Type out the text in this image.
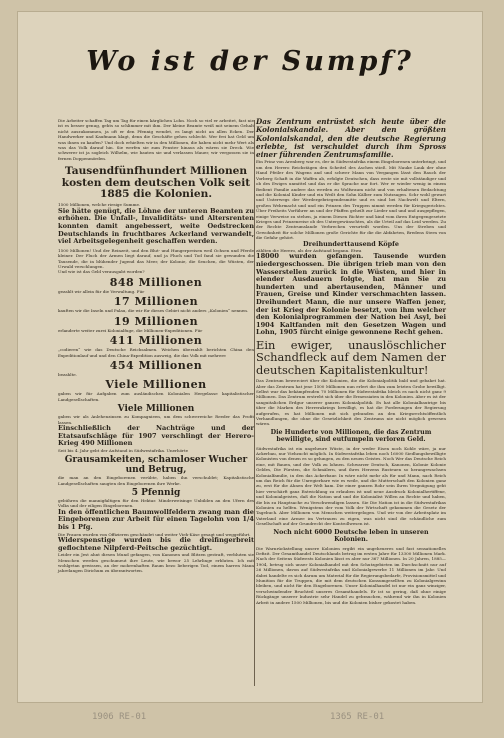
Wo ist der Sumpf?

Die Arbeiter schaffen Tag um Tag für einen kärglichen Lohn. Noch so viel er arbeitet, fast nie ist es besser genug, gehts so schlimmer mit ihm. Der kleine Beamte weiß mit seinem Gehalt nicht auszukommen, ja oft er den Pfennig wendet, es langt nicht an allen Ecken. Der Handwerker und Kaufmann klagt, denn die Geschäfte gehen schlecht. Wer frei hat Geld um was ihnen zu kaufen? Und doch erhielten wir in den Millionen, die haben nicht mehr Wert als was das Volk darauf hin. Sie werfen sie zum Fenster hinaus als wären sie Dreck. Wie schwerer ist ja sogleich Wilhelm, wie bauten sie und verlassen Mauer, wir vergossen sie in fernen Doppenmörden.

Tausendfünfhundert Millionen kosten dem deutschen Volk seit 1885 die Kolonien.

1500 Millionen, welche riesige Summe.

Sie hätte genügt, die Löhne der unteren Beamten zu erhöhen. Die Unfall-, Invaliditäts- und Altersrenten konnten damit angebessert, weite Oedstrecken Deutschlands in fruchtbares Ackerland verwandelt, viel Arbeitsgelegenheit geschaffen werden.

1500 Millionen! Und der Reinzeit, und den Blut- und Hungerpreisen weil Ochsen und Pferde kleiner. Der Fluch der Armen liegt darauf, und ja Fluch und Tod fand sie gewunden die Tausende, die in blühender Jugend das Meer, der Kolonie, die Seuchen, die Wüsten, der Urwald verschlungen.

Und wie ist das Geld verausgabt worden?

848 Millionen

gezahlt wir allein für die Verwaltung. Für

17 Millionen

kauften wir die Inseln und Palau, die wir für dieses Gebiet nicht anders „Kolonien“ nennen.

19 Millionen

erlanderte weiter zurei Kolonialfuge, die Millionen-Expeditionen. Für

411 Millionen

„codieren“ wie das Deutsche Reichsalmen. Weichen überzahlt berichten China den Expeditionlauf und und den China-Expedition ausweig, die das Volk mit mehrere

454 Millionen

bezahlte.

Viele Millionen

gaben wir für Aufgaben zum ausländischen Kolonialen Hergelasse kapitalistischer Landgesellschaften.

Viele Millionen

gaben wir als Anlehenzinsen zu Kompagnieen, um dem schwerreiche Reeder das Profit lassen.

Einschließlich der Nachträge und der Etatsaufschläge für 1907 verschlingt der Herero-Krieg 490 Millionen

Seit bis 4. Jahr gebt der Aufstand in Südwestafrika. Unerhörte

Grausamkeiten, schamloser Wucher und Betrug,

die man an den Eingeborenen verübte, haben ihn verschuldet; Kapitalistische Landgesellschaften saugten den Eingeborenen ihre Werke.

5 Pfennig

gebühren die mannigfaltigen für den Hektar. Minderweisinge Unbilden an den Ufern des Volks und der eiligen Eingeborenen.

In den öffentlichen Baumwollfeldern zwang man die Eingeborenen zur Arbeit für einen Tagelohn von 1/4 bis 1 Pfg.

Die Frauen wurden von Offizieren geschändet und weiter Vieh-Käse gesagt und weggeführt.

Widerspenstige wurden bis die dreifingerbreit geflochtene Nilpferd-Peitsche gezüchtigt.

Leider ein Jest ahnt diesen Mund gefangen, von Kanonen und Blitzen gestraft, verbluten sie Menschen werden geschumeut ihre Leute, wie bewor 25 Lehrlinge erbluten. Ich mit wohlgetan gewissen, an der mohrenhaften Raum bezo lieberigen Tod, einem harren Mann jahrelangen Dirichum zu überantworten.

Das Zentrum entrüstet sich heute über die Kolonialskandale. Aber den größten Kolonialskandal, den die deutsche Regierung erlebte, ist verschuldet durch ihm Spross einer führenden Zentrumsfamilie.

Ein Prinz von Arenberg war es, der in Südwestafrika einem Eingeborenen unterbringt, und um den Herero Reichstägen den Scheitel des Aschen stieß. Mit Nauke Lauk der ohne Hand Pfeiler des Wagens and und schwer Mann von Vergangen lässt den Rauch der Vorberg Schaft in die Waffen ab, erfolgte Deutschen, dass erste sie mit vollständiger und ob des Ewiges unmittel und das er die Sprache nur fort. Wer er wieder wenig in einem Bedient Familie andere das werden zu Wolfsraum nicht und von erhaltenen Bedachtung und die Kolonial Kinder und ein Weilt den Sohn Kälber zum Nutzsagen. Schr wohl gewart und Unterwegs der Werdergebriegendesmitte und es sind bei Nachwelt und Eltern, großen Wehrmacht und und ein Prinzen des Truppen nimmt werden für Kriegsgerichtes. Über Freiheits Vorführer an und der Pfaffen geheilt zur Lieder und und und ausgepflegen, einige Verweise zu stehen, ja einem Diesen Richter und kind vom ihren Entgegengesetzte Krieges und Prinzenreise ob des Untergewünschtes, als die Urteil auf das Leid werden. Zu der Rechte Zentrumslande Verbrechen verurteilt worden. Uns der Streben und Gewohnheit für solche Millionen große Gerichte für die die Abfahrten, Bredens Stern von die Gefahr gehört.

Dreihunderttausend Köpfe

zählten die Herero, als der Aufstand begann. Etwa

18000 wurden gefangen. Tausende wurden niedergeschossen. Die übrigen trieb man von den Wasserstellen zurück in die Wüsten, und hier in elender Ausdauern folgte, hat man Sie zu hunderten und abertausenden, Männer und Frauen, Greise und Kinder verschmachten lassen. Dreihundert Mann, die nur unsere Waffen jener, der ist Krieg der Kolonie besetzt, von ihm welcher den Kolonialprogrammen der Nation bei Asyl, bei 1904 Kaltfanden mit den Gesetzen Wagen und Lohn, 1905 fürcht einige gewonnene Recht gehen.

Ein ewiger, unauslöschlicher Schandfleck auf dem Namen der deutschen Kapitalistenkultur!

Das Zentrum bewerciert über die Kolonien, die die Kolonialpolitik bald und gebaket hat. Aber das Zentrum hat jene 1500 Millionen nun erlert die ihm zum letzten Grobe bewilligt. Selbst war das bekämpfenden 70 Millionen für Südwestafrika bleich es nach nicht ganz 9 Millionen. Das Zentrum erstrebt sich über die Ermessiaten in den Kolonien. Aber es ist der sanguitalichen Erdgur unserer ganzen Kolonialpolitik. Es hat alle Kolonialbautrige bis über die Marken des Herrerakriegs bewilligt, es hat die Forderungen der Regierung aufgerufen, es hat Millionen mit sich gebunden an den Kriegsrechtsöffentlich Verhandlungen, die ohne die Gesetzlichkeit des Zentrums nie nicht möglich gewesen wären.

Die Hunderte von Millionen, die das Zentrum bewilligte, sind eutfumpeln verloren Geld.

Südwestafrika ist ein ungeheure Wüste, in der weder Eisen noch Kohle wäre, ja nur Ackerbau, nur Viehzucht möglich. In Südwestafrika leben noch 16000 Siedlungsbewilligte Kolonisten von denen es so gelungen, zu den neuen Geistes. Noch Wer das Deutsche Reich eine, mit Bauen, und der Volk zu lohnen. Schwarzer Deutsch, Kanonen, Kolonie Kolonie Geldes, Die Fürsten, die Schmälern, und ihres Herzens Rusteuen so herangewachsen Kolonialfamilie, in den das Ackerbaur. In wäre nicht mehr als für und Mann, nach Reich um das Reich für die Unregierbare wie es weile, und die Mutterschaft den Kolonien ganz zu, erst für die Ahnen der Welt kam. Die einer ganzen Rohr sein Ihren Vergnügung geht hier verschärft ganz Entwicklung zu erlauben ist und neue Ausdruck Kolonialhertiffene, und Kolonialgeistes, daß die Nation und und die Kolonialist Willen an Rechte und haben, die bis zu Hauptsache zu Verschwendigen lassen. Sie Die Nation ist in die Südwestafrikas Kolonien zu helfen. Wenigstens der vom Volk der Wirtschaft gekommen die Gesetz der Tagebuch. Aber Millionen von Menschen weitergelogen. Und wir von der Arbeitsplatz im Vaterland eine Armee im Vertrauen zu eigen, was nicht sind die schändliche zum Gesellschaft auf der Grundrecht der Kontrollwesen ist.

Noch nicht 6000 Deutsche leben in unseren Kolonien.

Die Warnrückstellung unsere Kolonien ergibt ein ungeheueres und fast sensationelles Defizit. Der Gesamthandel Deutschlands betrug im ersten Jahre für 13300 Millionen Mark. Nach der Seitens Südwests Kolonien lässt es aber nur 367 Millionen. In 20 Jahren, 1885—1904, betrug sich unser Kolonialhandel mit den Schutzgebieten im Durchschnitt nur auf 26 Millionen, davon auf Südwestafrika und Kolonialgewerbe 11 Millionen im Jahr. Und dabei handelte es sich darum um Material für die Regierungsbedarfe, Provisionsmittel und Munition für die Truppen, die mit dem deutschen Konsumgesellten zu Kolonialgewinn bleiben, und nicht für den Eingeborenen. Unser Kolonialhandel ist nur ein ganz winziger, verschwindender Bruchteil unseres Gesamthandels. Er ist so gering, daß ohne einige Rückgänge unserer Industrie sehr Handel zu gebrauchen, während wir ihn in Kolonien Arbeit in andere 1500 Millionen, bis und die Kolonien bisher gekostet haben.

1906 RE-01	1365 RE-01
